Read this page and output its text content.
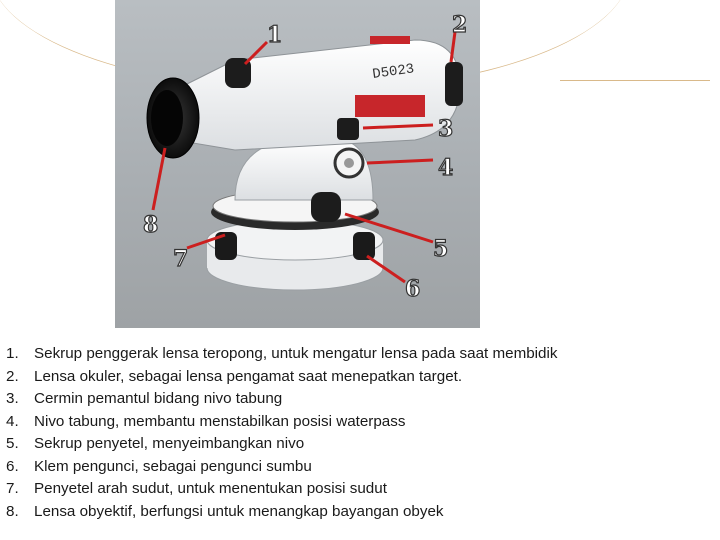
D5023
1	2
3
4
5
6
7
8
1.	Sekrup penggerak lensa teropong, untuk mengatur lensa pada saat membidik
2.	Lensa okuler, sebagai lensa pengamat saat menepatkan target.
3.	Cermin pemantul bidang nivo tabung
4.	Nivo tabung, membantu menstabilkan posisi waterpass
5.	Sekrup penyetel, menyeimbangkan nivo
6.	Klem pengunci, sebagai pengunci sumbu
7.	Penyetel arah sudut, untuk menentukan posisi sudut
8.	Lensa obyektif, berfungsi untuk menangkap bayangan obyek
